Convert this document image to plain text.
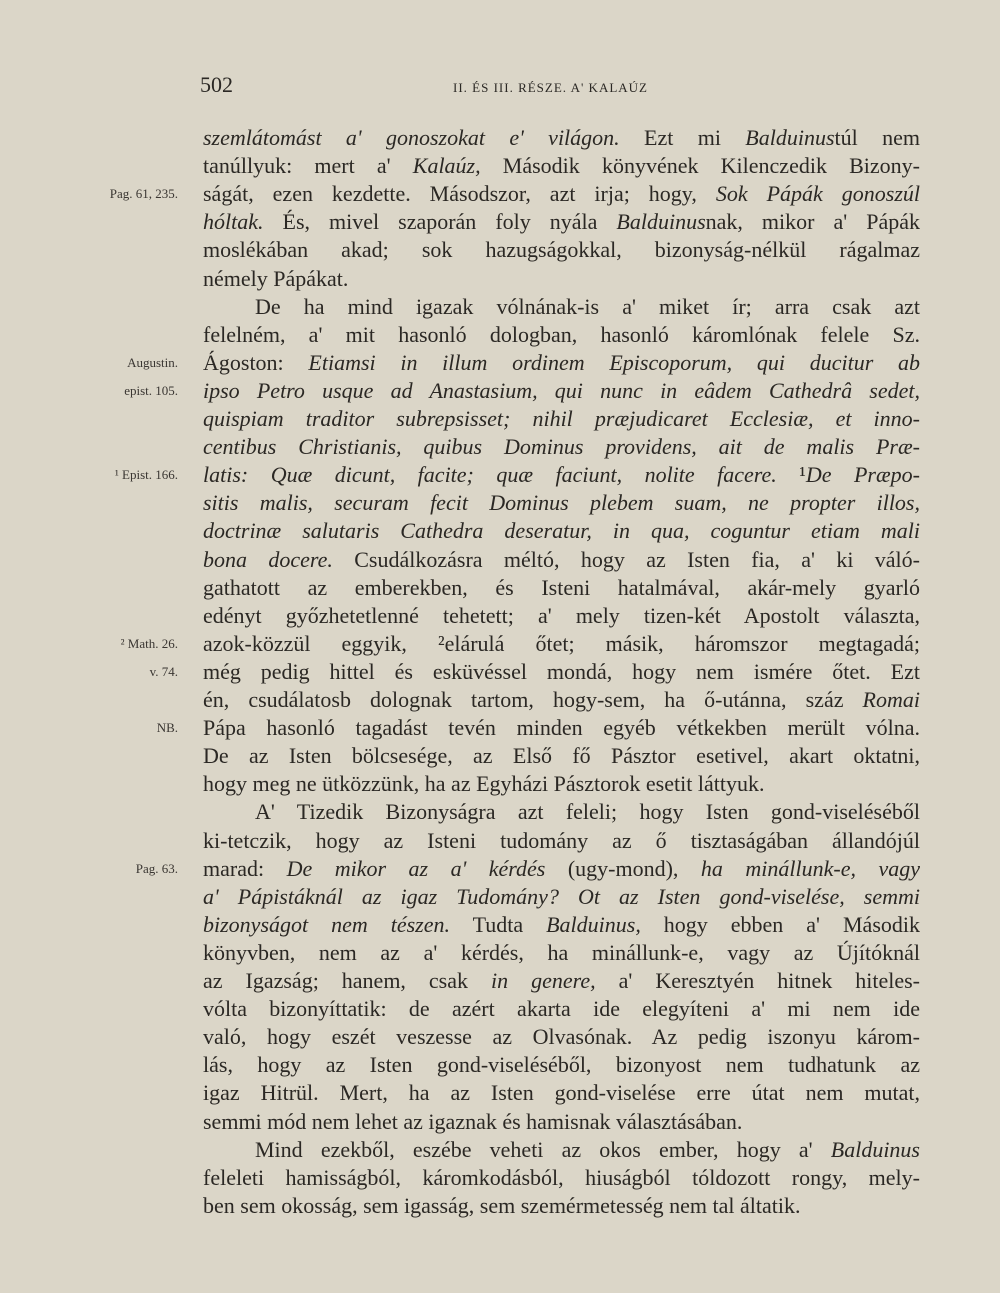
502	II. ÉS III. RÉSZE. A' KALAÚZ
szemlátomást a' gonoszokat e' világon. Ezt mi Balduinustúl nem
tanúllyuk: mert a' Kalaúz, Második könyvének Kilenczedik Bizony-
ságát, ezen kezdette. Másodszor, azt irja; hogy, Sok Pápák gonoszúl
hóltak. És, mivel szaporán foly nyála Balduinusnak, mikor a' Pápák
moslékában akad; sok hazugságokkal, bizonyság-nélkül rágalmaz
némely Pápákat.
De ha mind igazak vólnának-is a' miket ír; arra csak azt
felelném, a' mit hasonló dologban, hasonló káromlónak felele Sz.
Ágoston: Etiamsi in illum ordinem Episcoporum, qui ducitur ab
ipso Petro usque ad Anastasium, qui nunc in eâdem Cathedrâ sedet,
quispiam traditor subrepsisset; nihil præjudicaret Ecclesiæ, et inno-
centibus Christianis, quibus Dominus providens, ait de malis Præ-
latis: Quæ dicunt, facite; quæ faciunt, nolite facere. ¹De Præpo-
sitis malis, securam fecit Dominus plebem suam, ne propter illos,
doctrinæ salutaris Cathedra deseratur, in qua, coguntur etiam mali
bona docere. Csudálkozásra méltó, hogy az Isten fia, a' ki váló-
gathatott az emberekben, és Isteni hatalmával, akár-mely gyarló
edényt győzhetetlenné tehetett; a' mely tizen-két Apostolt választa,
azok-közzül eggyik, ²elárulá őtet; másik, háromszor megtagadá;
még pedig hittel és esküvéssel mondá, hogy nem ismére őtet. Ezt
én, csudálatosb dolognak tartom, hogy-sem, ha ő-utánna, száz Romai
Pápa hasonló tagadást tevén minden egyéb vétkekben merült vólna.
De az Isten bölcsesége, az Első fő Pásztor esetivel, akart oktatni,
hogy meg ne ütközzünk, ha az Egyházi Pásztorok esetit láttyuk.
A' Tizedik Bizonyságra azt feleli; hogy Isten gond-viseléséből
ki-tetczik, hogy az Isteni tudomány az ő tisztaságában állandójúl
marad: De mikor az a' kérdés (ugy-mond), ha minállunk-e, vagy
a' Pápistáknál az igaz Tudomány? Ot az Isten gond-viselése, semmi
bizonyságot nem tészen. Tudta Balduinus, hogy ebben a' Második
könyvben, nem az a' kérdés, ha minállunk-e, vagy az Újítóknál
az Igazság; hanem, csak in genere, a' Keresztyén hitnek hiteles-
vólta bizonyíttatik: de azért akarta ide elegyíteni a' mi nem ide
való, hogy eszét veszesse az Olvasónak. Az pedig iszonyu károm-
lás, hogy az Isten gond-viseléséből, bizonyost nem tudhatunk az
igaz Hitrül. Mert, ha az Isten gond-viselése erre útat nem mutat,
semmi mód nem lehet az igaznak és hamisnak választásában.
Mind ezekből, eszébe veheti az okos ember, hogy a' Balduinus
feleleti hamisságból, káromkodásból, hiuságból tóldozott rongy, mely-
ben sem okosság, sem igasság, sem szemérmetesség nem tal áltatik.
Pag. 61, 235.
Augustin.
epist. 105.
¹ Epist. 166.
² Math. 26.
v. 74.
NB.
Pag. 63.
